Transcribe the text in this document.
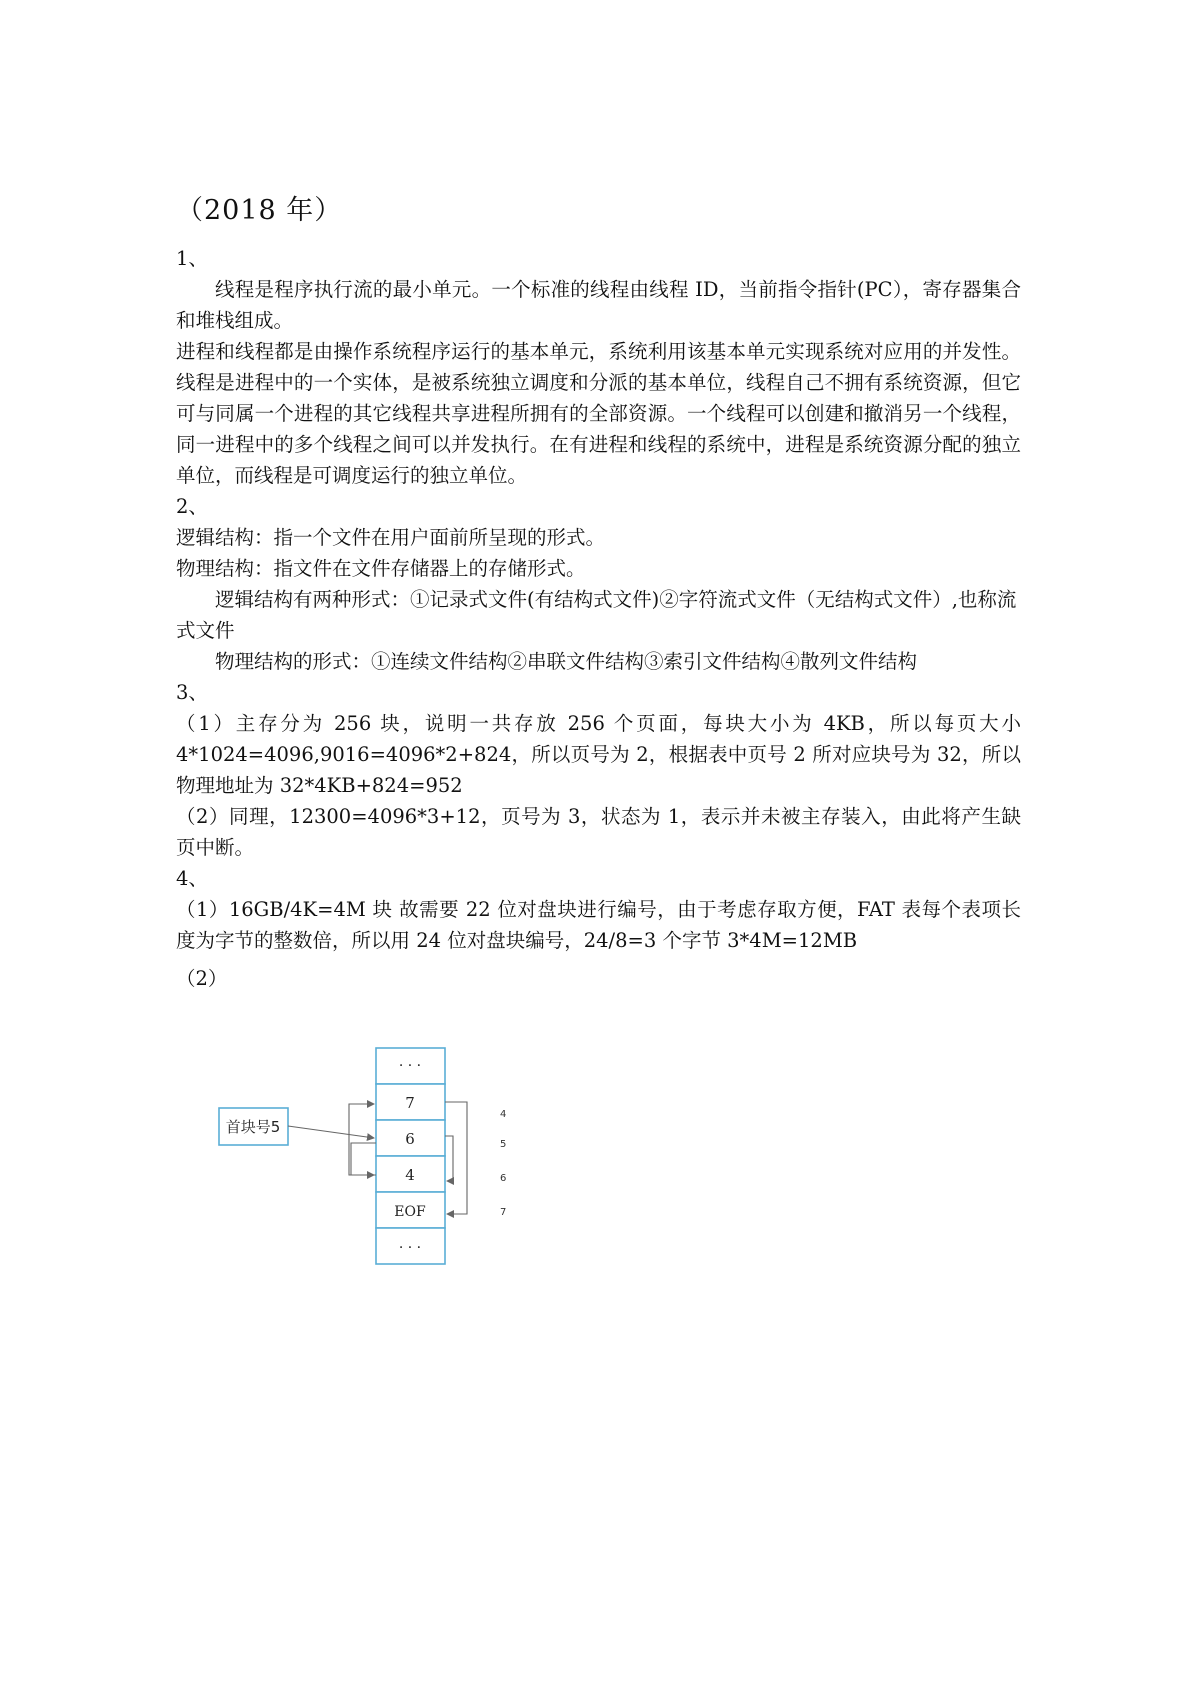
（2018 年）

1、

线程是程序执行流的最小单元。一个标准的线程由线程 ID，当前指令指针(PC），寄存器集合和堆栈组成。

进程和线程都是由操作系统程序运行的基本单元，系统利用该基本单元实现系统对应用的并发性。线程是进程中的一个实体，是被系统独立调度和分派的基本单位，线程自己不拥有系统资源，但它可与同属一个进程的其它线程共享进程所拥有的全部资源。一个线程可以创建和撤消另一个线程，同一进程中的多个线程之间可以并发执行。在有进程和线程的系统中，进程是系统资源分配的独立单位，而线程是可调度运行的独立单位。

2、

逻辑结构：指一个文件在用户面前所呈现的形式。

物理结构：指文件在文件存储器上的存储形式。

逻辑结构有两种形式：①记录式文件(有结构式文件)②字符流式文件（无结构式文件）,也称流式文件

物理结构的形式：①连续文件结构②串联文件结构③索引文件结构④散列文件结构

3、

（1）主存分为 256 块，说明一共存放 256 个页面，每块大小为 4KB，所以每页大小 4*1024=4096,9016=4096*2+824，所以页号为 2，根据表中页号 2 所对应块号为 32，所以物理地址为 32*4KB+824=952

（2）同理，12300=4096*3+12，页号为 3，状态为 1，表示并未被主存装入，由此将产生缺页中断。

4、

（1）16GB/4K=4M 块 故需要 22 位对盘块进行编号，由于考虑存取方便，FAT 表每个表项长度为字节的整数倍，所以用 24 位对盘块编号，24/8=3 个字节 3*4M=12MB

（2）

首块号5
· · ·
7
6
4
EOF
· · ·
4
5
6
7
